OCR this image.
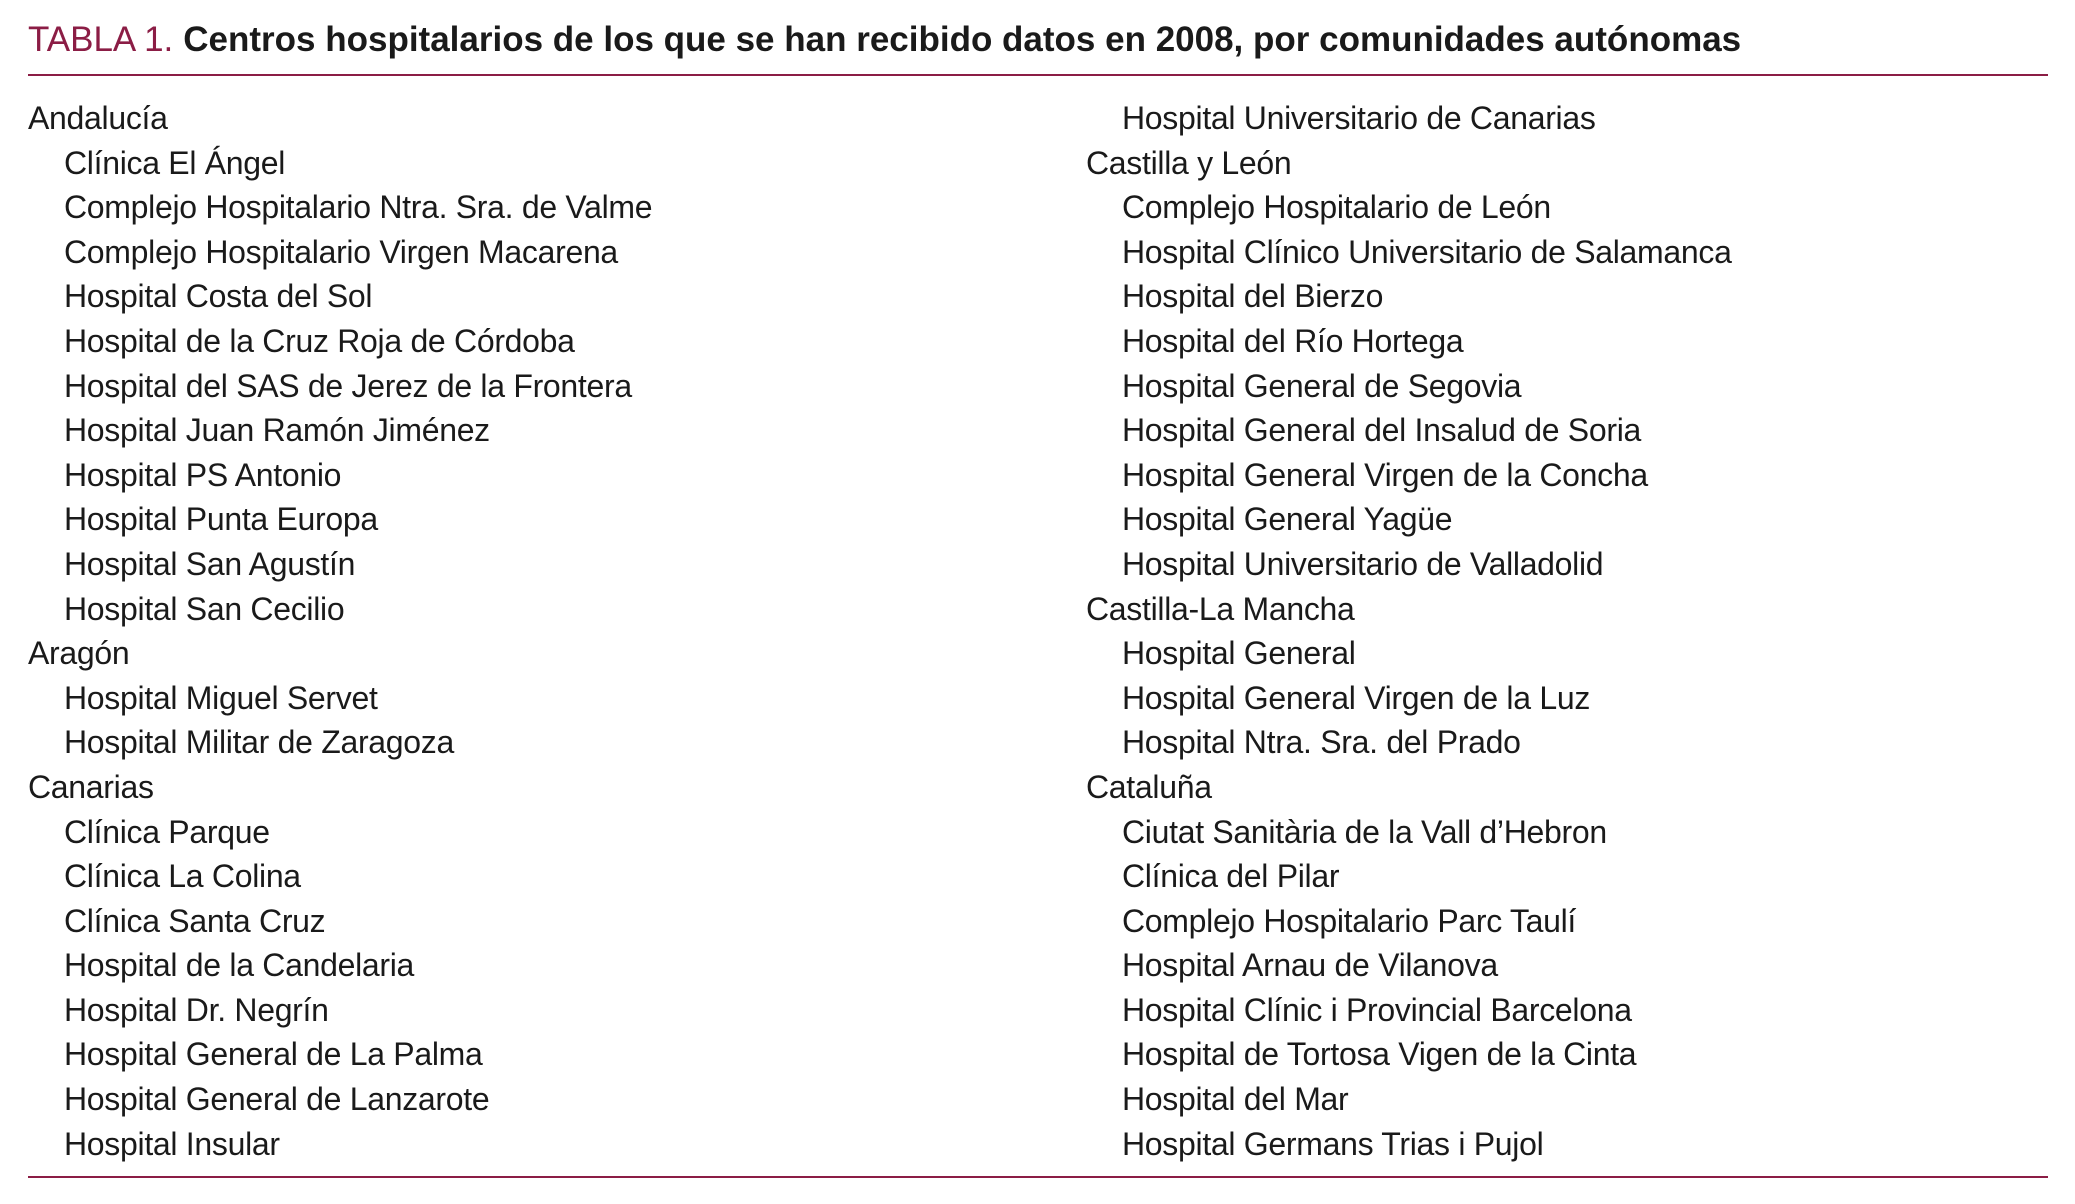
TABLA 1. Centros hospitalarios de los que se han recibido datos en 2008, por comunidades autónomas
Andalucía
Clínica El Ángel
Complejo Hospitalario Ntra. Sra. de Valme
Complejo Hospitalario Virgen Macarena
Hospital Costa del Sol
Hospital de la Cruz Roja de Córdoba
Hospital del SAS de Jerez de la Frontera
Hospital Juan Ramón Jiménez
Hospital PS Antonio
Hospital Punta Europa
Hospital San Agustín
Hospital San Cecilio
Aragón
Hospital Miguel Servet
Hospital Militar de Zaragoza
Canarias
Clínica Parque
Clínica La Colina
Clínica Santa Cruz
Hospital de la Candelaria
Hospital Dr. Negrín
Hospital General de La Palma
Hospital General de Lanzarote
Hospital Insular
Hospital Universitario de Canarias
Castilla y León
Complejo Hospitalario de León
Hospital Clínico Universitario de Salamanca
Hospital del Bierzo
Hospital del Río Hortega
Hospital General de Segovia
Hospital General del Insalud de Soria
Hospital General Virgen de la Concha
Hospital General Yagüe
Hospital Universitario de Valladolid
Castilla-La Mancha
Hospital General
Hospital General Virgen de la Luz
Hospital Ntra. Sra. del Prado
Cataluña
Ciutat Sanitària de la Vall d’Hebron
Clínica del Pilar
Complejo Hospitalario Parc Taulí
Hospital Arnau de Vilanova
Hospital Clínic i Provincial Barcelona
Hospital de Tortosa Vigen de la Cinta
Hospital del Mar
Hospital Germans Trias i Pujol
